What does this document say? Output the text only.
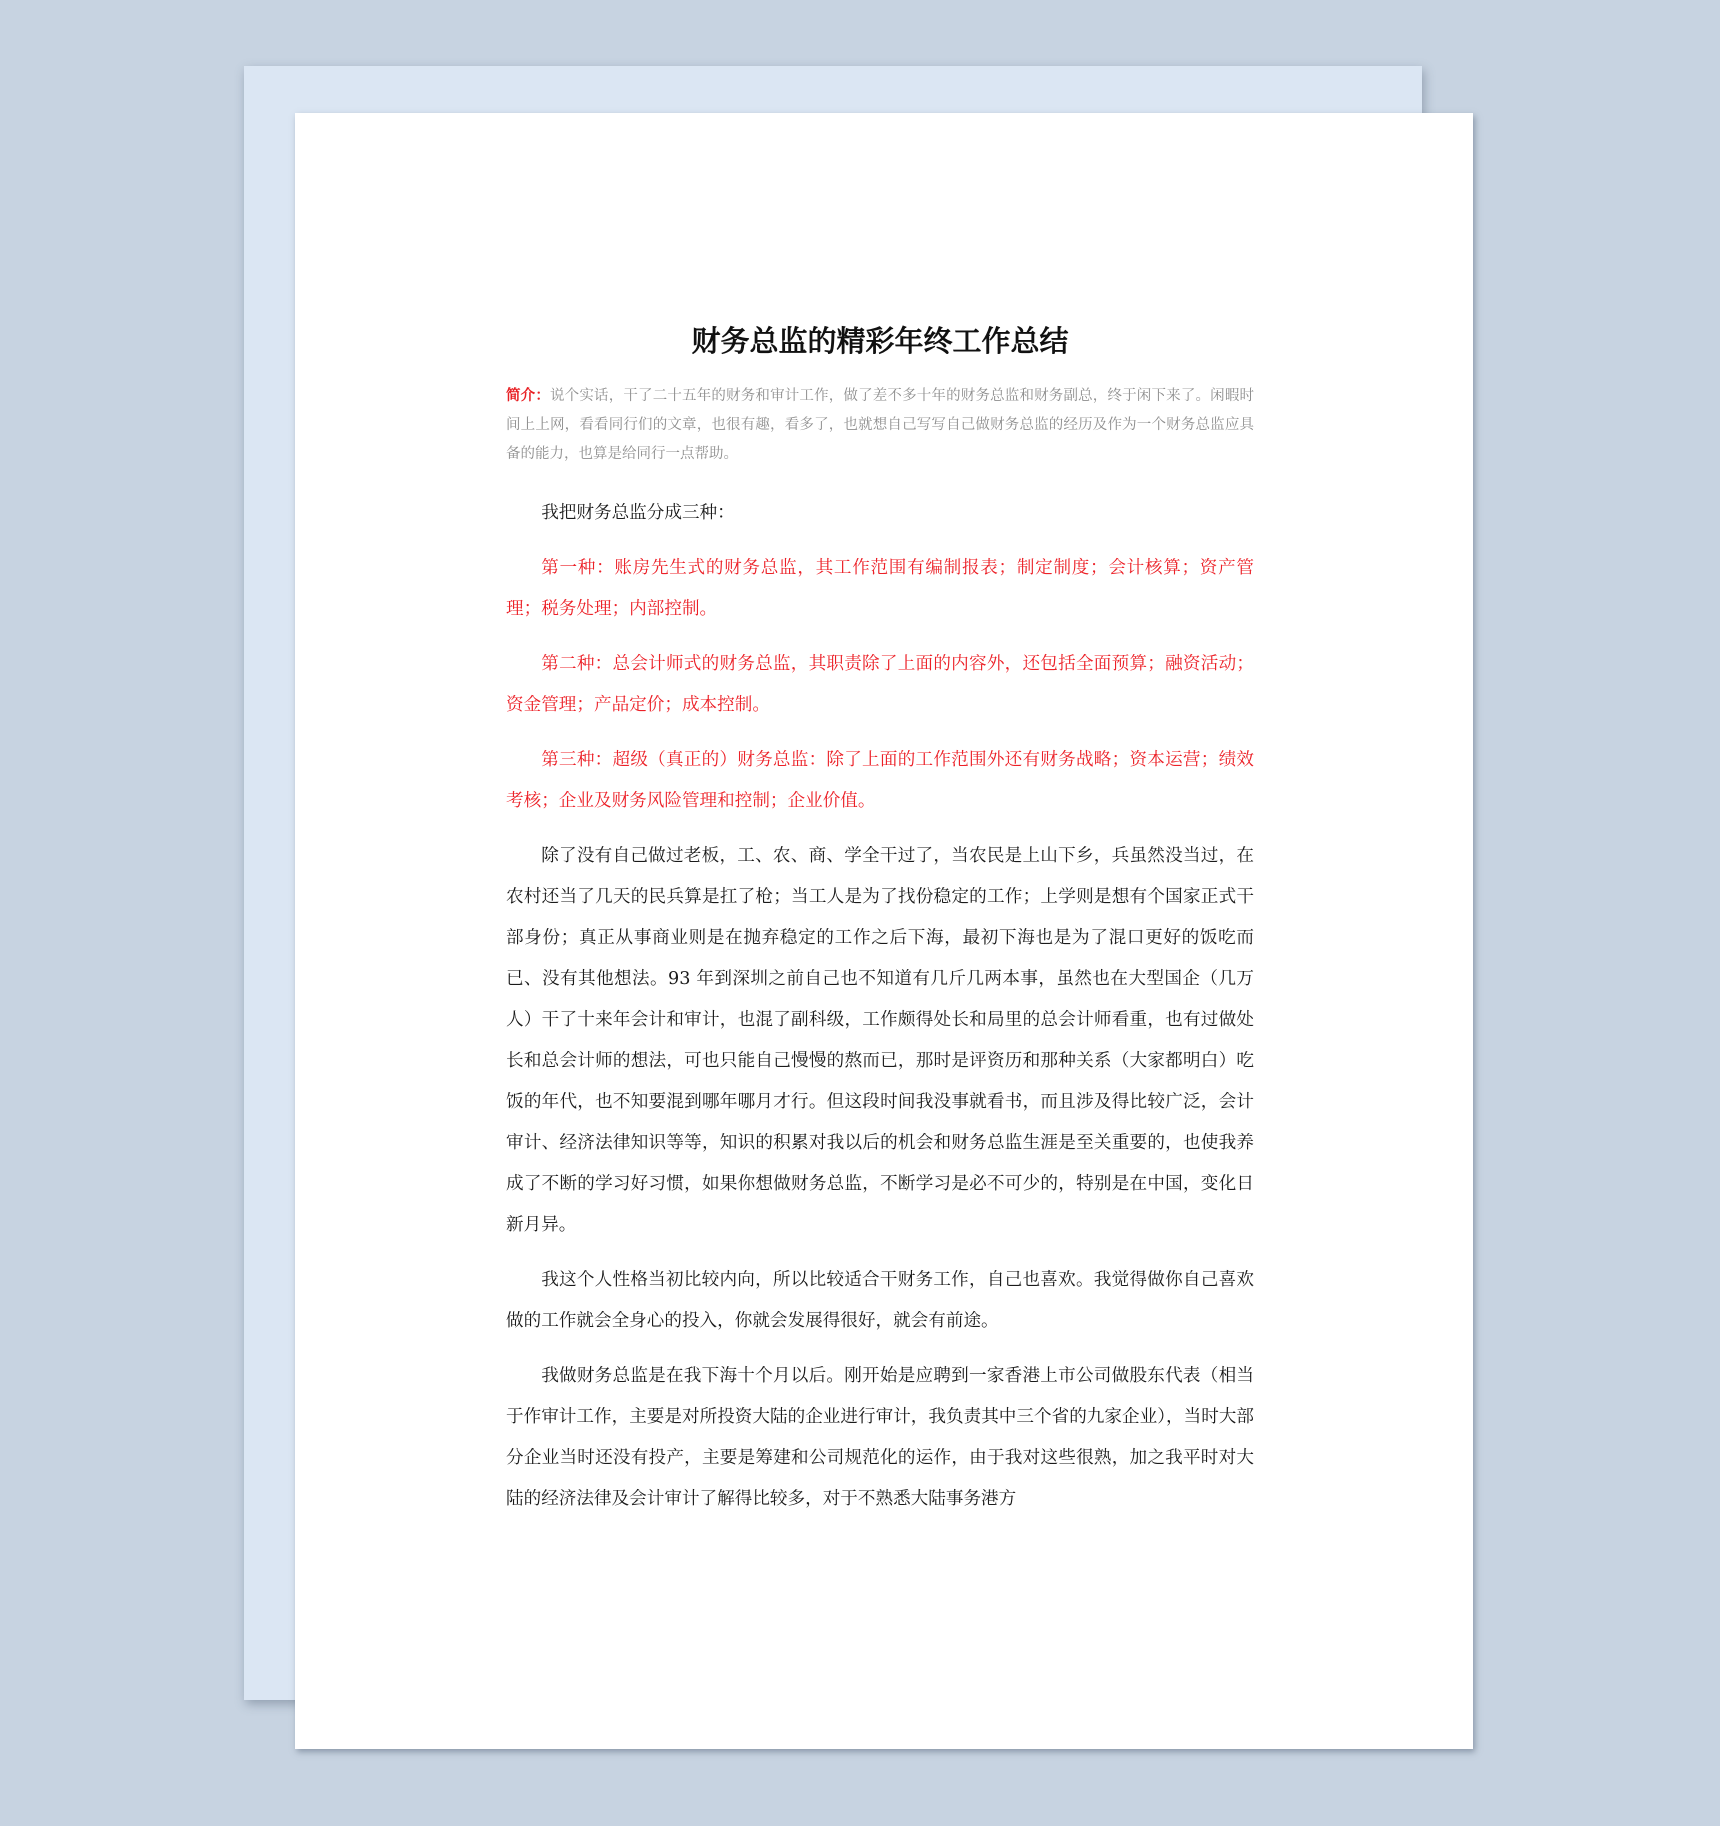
财务总监的精彩年终工作总结

简介：说个实话，干了二十五年的财务和审计工作，做了差不多十年的财务总监和财务副总，终于闲下来了。闲暇时间上上网，看看同行们的文章，也很有趣，看多了，也就想自己写写自己做财务总监的经历及作为一个财务总监应具备的能力，也算是给同行一点帮助。

我把财务总监分成三种：

第一种：账房先生式的财务总监，其工作范围有编制报表；制定制度；会计核算；资产管理；税务处理；内部控制。

第二种：总会计师式的财务总监，其职责除了上面的内容外，还包括全面预算；融资活动；资金管理；产品定价；成本控制。

第三种：超级（真正的）财务总监：除了上面的工作范围外还有财务战略；资本运营；绩效考核；企业及财务风险管理和控制；企业价值。

除了没有自己做过老板，工、农、商、学全干过了，当农民是上山下乡，兵虽然没当过，在农村还当了几天的民兵算是扛了枪；当工人是为了找份稳定的工作；上学则是想有个国家正式干部身份；真正从事商业则是在抛弃稳定的工作之后下海，最初下海也是为了混口更好的饭吃而已、没有其他想法。93 年到深圳之前自己也不知道有几斤几两本事，虽然也在大型国企（几万人）干了十来年会计和审计，也混了副科级，工作颇得处长和局里的总会计师看重，也有过做处长和总会计师的想法，可也只能自己慢慢的熬而已，那时是评资历和那种关系（大家都明白）吃饭的年代，也不知要混到哪年哪月才行。但这段时间我没事就看书，而且涉及得比较广泛，会计审计、经济法律知识等等，知识的积累对我以后的机会和财务总监生涯是至关重要的，也使我养成了不断的学习好习惯，如果你想做财务总监，不断学习是必不可少的，特别是在中国，变化日新月异。

我这个人性格当初比较内向，所以比较适合干财务工作，自己也喜欢。我觉得做你自己喜欢做的工作就会全身心的投入，你就会发展得很好，就会有前途。

我做财务总监是在我下海十个月以后。刚开始是应聘到一家香港上市公司做股东代表（相当于作审计工作，主要是对所投资大陆的企业进行审计，我负责其中三个省的九家企业），当时大部分企业当时还没有投产，主要是筹建和公司规范化的运作，由于我对这些很熟，加之我平时对大陆的经济法律及会计审计了解得比较多，对于不熟悉大陆事务港方
